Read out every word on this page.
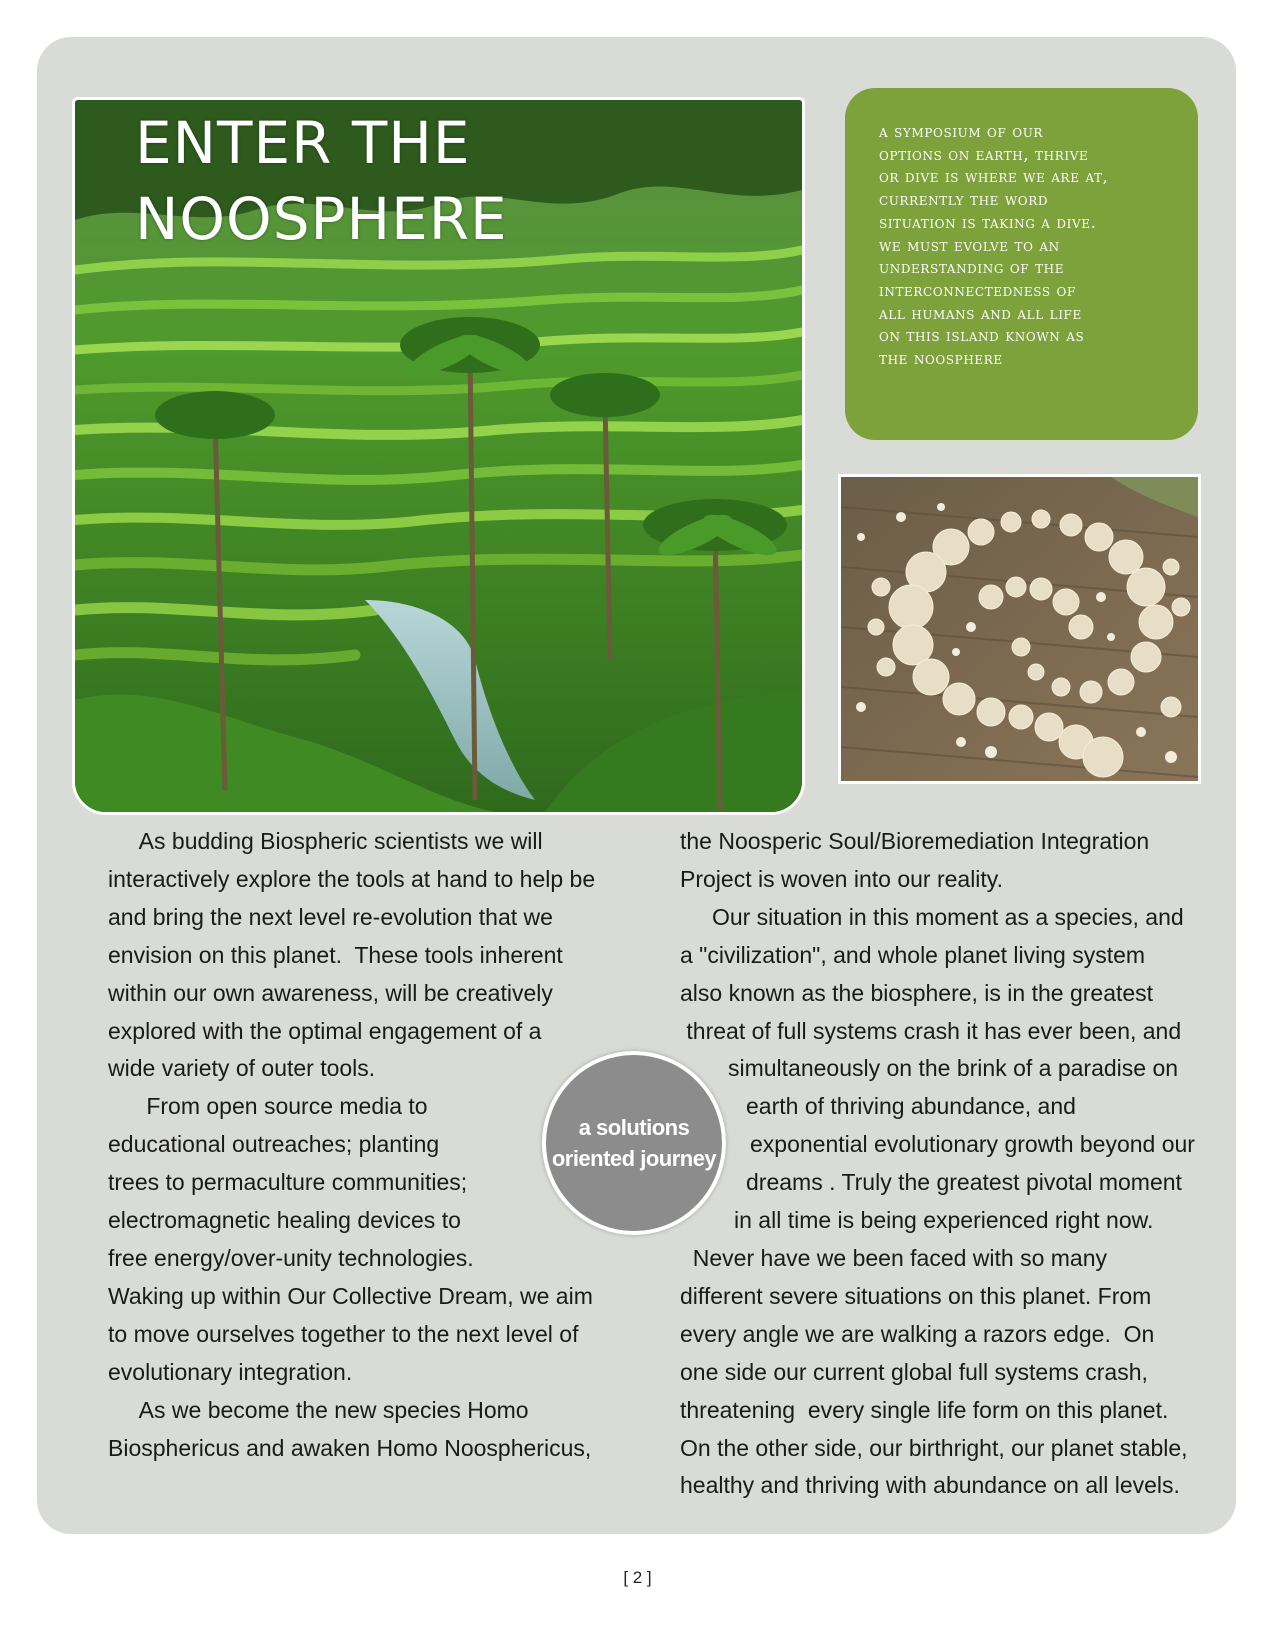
ENTER THE
NOOSPHERE
a symposium of our
options on earth, thrive
or dive is where we are at,
currently the word
situation is taking a dive.
we must evolve to an
understanding of the
interconnectedness of
all humans and all life
on this island known as
the noosphere
As budding Biospheric scientists we will
interactively explore the tools at hand to help be
and bring the next level re-evolution that we
envision on this planet.  These tools inherent
within our own awareness, will be creatively
explored with the optimal engagement of a
wide variety of outer tools.
From open source media to
educational outreaches; planting
trees to permaculture communities;
electromagnetic healing devices to
free energy/over-unity technologies.
Waking up within Our Collective Dream, we aim
to move ourselves together to the next level of
evolutionary integration.
As we become the new species Homo
Biosphericus and awaken Homo Noosphericus,
the Noosperic Soul/Bioremediation Integration
Project is woven into our reality.
Our situation in this moment as a species, and
a "civilization", and whole planet living system
also known as the biosphere, is in the greatest
threat of full systems crash it has ever been, and
simultaneously on the brink of a paradise on
earth of thriving abundance, and
exponential evolutionary growth beyond our
dreams . Truly the greatest pivotal moment
in all time is being experienced right now.
Never have we been faced with so many
different severe situations on this planet. From
every angle we are walking a razors edge.  On
one side our current global full systems crash,
threatening  every single life form on this planet.
On the other side, our birthright, our planet stable,
healthy and thriving with abundance on all levels.
a solutions
oriented journey
[ 2 ]
